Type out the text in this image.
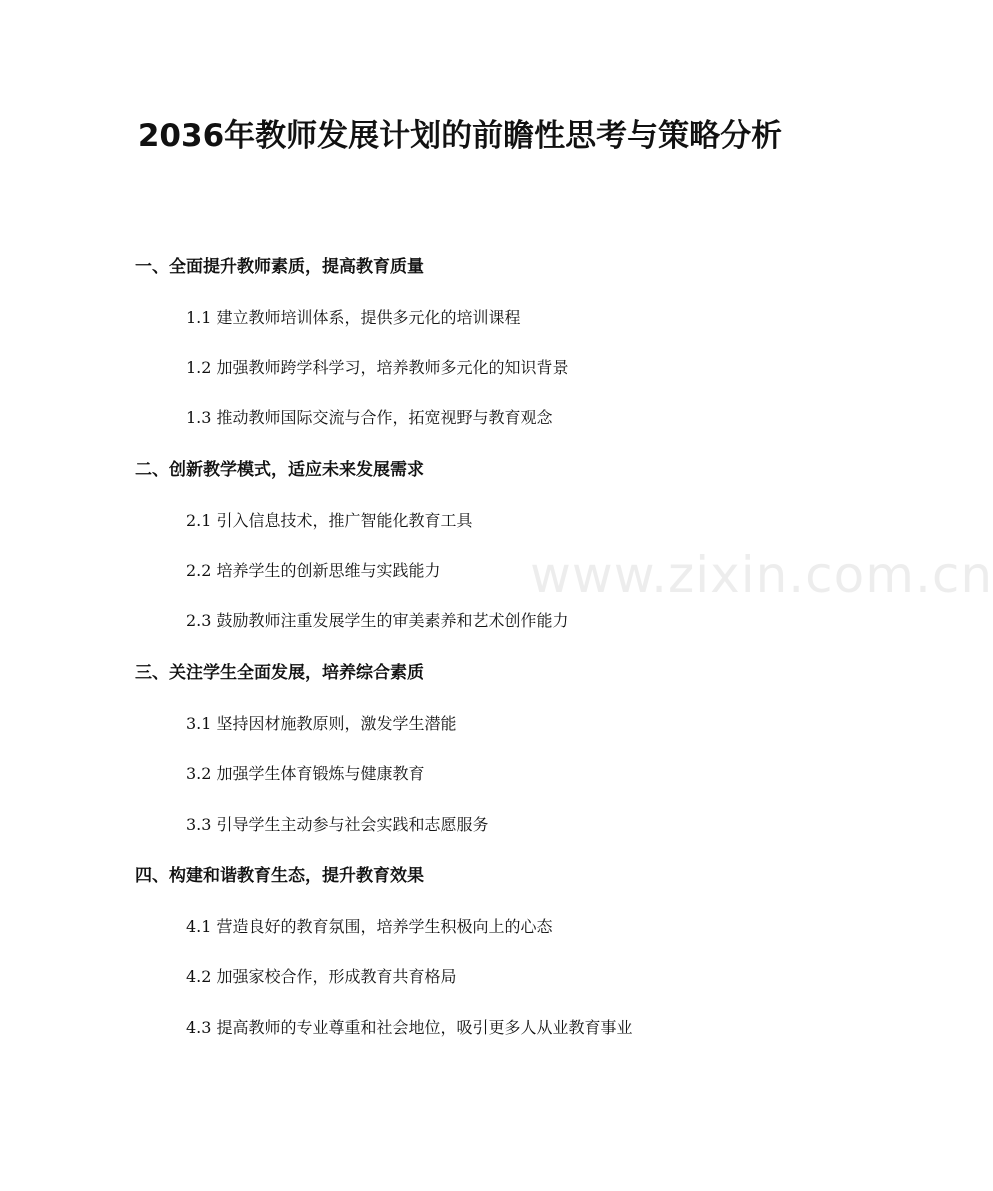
2036年教师发展计划的前瞻性思考与策略分析
www.zixin.com.cn
一、全面提升教师素质，提高教育质量

1.1 建立教师培训体系，提供多元化的培训课程

1.2 加强教师跨学科学习，培养教师多元化的知识背景

1.3 推动教师国际交流与合作，拓宽视野与教育观念

二、创新教学模式，适应未来发展需求

2.1 引入信息技术，推广智能化教育工具

2.2 培养学生的创新思维与实践能力

2.3 鼓励教师注重发展学生的审美素养和艺术创作能力

三、关注学生全面发展，培养综合素质

3.1 坚持因材施教原则，激发学生潜能

3.2 加强学生体育锻炼与健康教育

3.3 引导学生主动参与社会实践和志愿服务

四、构建和谐教育生态，提升教育效果

4.1 营造良好的教育氛围，培养学生积极向上的心态

4.2 加强家校合作，形成教育共育格局

4.3 提高教师的专业尊重和社会地位，吸引更多人从业教育事业
